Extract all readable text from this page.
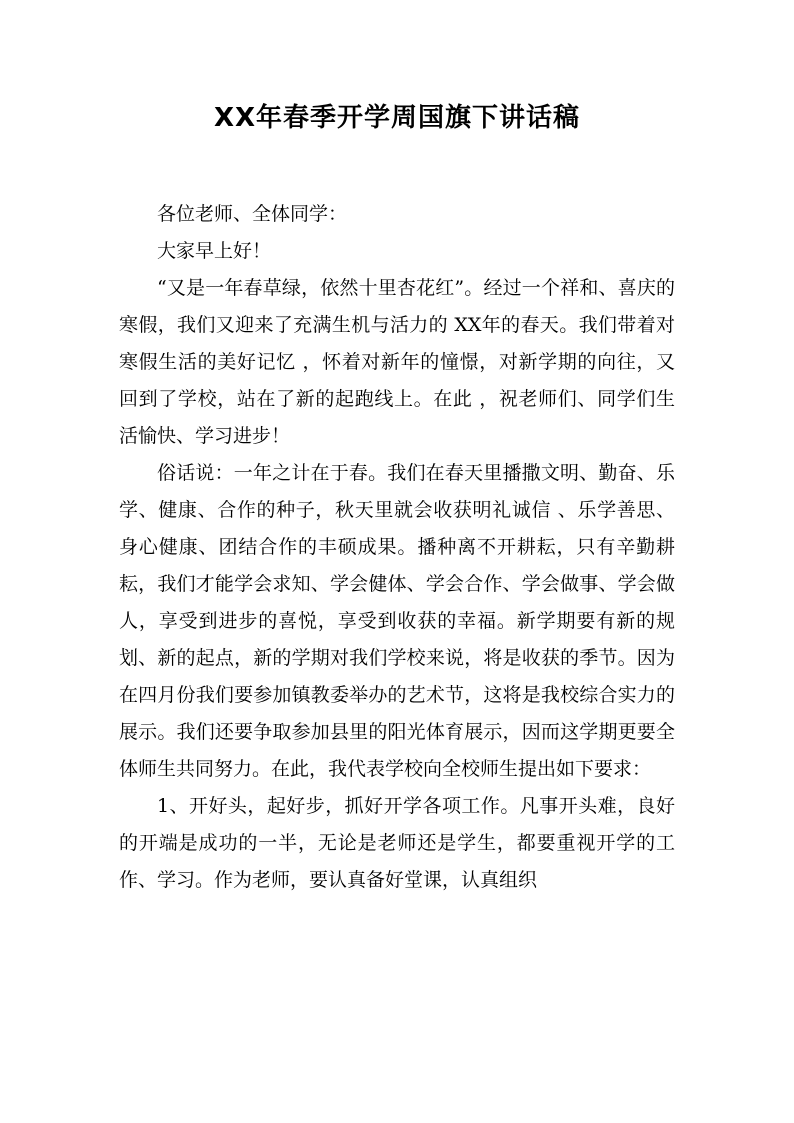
XX年春季开学周国旗下讲话稿

各位老师、全体同学：

大家早上好！

“又是一年春草绿，依然十里杏花红”。经过一个祥和、喜庆的寒假，我们又迎来了充满生机与活力的 XX年的春天。我们带着对寒假生活的美好记忆 ，怀着对新年的憧憬，对新学期的向往，又回到了学校，站在了新的起跑线上。在此 ，祝老师们、同学们生活愉快、学习进步！

俗话说：一年之计在于春。我们在春天里播撒文明、勤奋、乐学、健康、合作的种子，秋天里就会收获明礼诚信 、乐学善思、身心健康、团结合作的丰硕成果。播种离不开耕耘，只有辛勤耕耘，我们才能学会求知、学会健体、学会合作、学会做事、学会做人，享受到进步的喜悦，享受到收获的幸福。新学期要有新的规划、新的起点，新的学期对我们学校来说，将是收获的季节。因为在四月份我们要参加镇教委举办的艺术节，这将是我校综合实力的展示。我们还要争取参加县里的阳光体育展示，因而这学期更要全体师生共同努力。在此，我代表学校向全校师生提出如下要求：

1、开好头，起好步，抓好开学各项工作。凡事开头难，良好的开端是成功的一半，无论是老师还是学生，都要重视开学的工作、学习。作为老师，要认真备好堂课，认真组织
